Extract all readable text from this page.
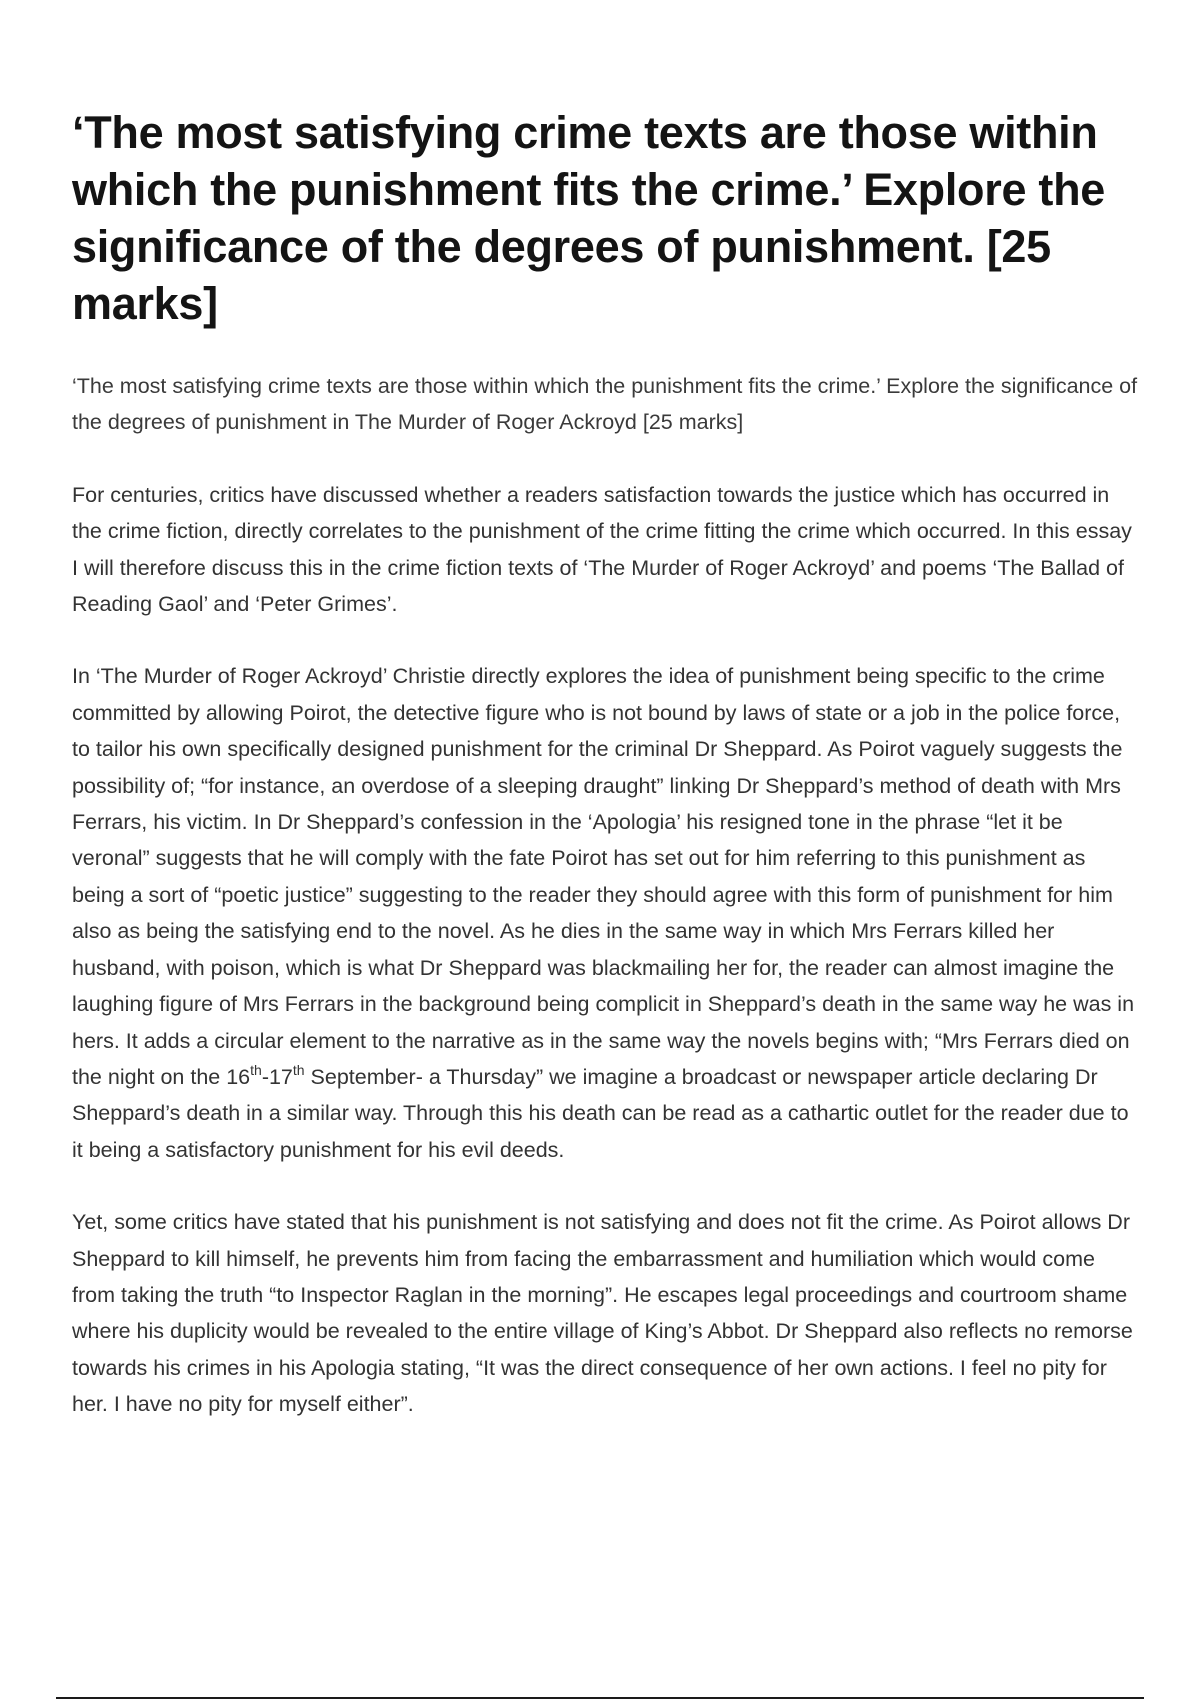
‘The most satisfying crime texts are those within which the punishment fits the crime.’ Explore the significance of the degrees of punishment. [25 marks]

‘The most satisfying crime texts are those within which the punishment fits the crime.’ Explore the significance of the degrees of punishment in The Murder of Roger Ackroyd [25 marks]

For centuries, critics have discussed whether a readers satisfaction towards the justice which has occurred in the crime fiction, directly correlates to the punishment of the crime fitting the crime which occurred. In this essay I will therefore discuss this in the crime fiction texts of ‘The Murder of Roger Ackroyd’ and poems ‘The Ballad of Reading Gaol’ and ‘Peter Grimes’.

In ‘The Murder of Roger Ackroyd’ Christie directly explores the idea of punishment being specific to the crime committed by allowing Poirot, the detective figure who is not bound by laws of state or a job in the police force, to tailor his own specifically designed punishment for the criminal Dr Sheppard. As Poirot vaguely suggests the possibility of; “for instance, an overdose of a sleeping draught” linking Dr Sheppard’s method of death with Mrs Ferrars, his victim. In Dr Sheppard’s confession in the ‘Apologia’ his resigned tone in the phrase “let it be veronal” suggests that he will comply with the fate Poirot has set out for him referring to this punishment as being a sort of “poetic justice” suggesting to the reader they should agree with this form of punishment for him also as being the satisfying end to the novel. As he dies in the same way in which Mrs Ferrars killed her husband, with poison, which is what Dr Sheppard was blackmailing her for, the reader can almost imagine the laughing figure of Mrs Ferrars in the background being complicit in Sheppard’s death in the same way he was in hers. It adds a circular element to the narrative as in the same way the novels begins with; “Mrs Ferrars died on the night on the 16th-17th September- a Thursday” we imagine a broadcast or newspaper article declaring Dr Sheppard’s death in a similar way. Through this his death can be read as a cathartic outlet for the reader due to it being a satisfactory punishment for his evil deeds.

Yet, some critics have stated that his punishment is not satisfying and does not fit the crime. As Poirot allows Dr Sheppard to kill himself, he prevents him from facing the embarrassment and humiliation which would come from taking the truth “to Inspector Raglan in the morning”. He escapes legal proceedings and courtroom shame where his duplicity would be revealed to the entire village of King’s Abbot. Dr Sheppard also reflects no remorse towards his crimes in his Apologia stating, “It was the direct consequence of her own actions. I feel no pity for her. I have no pity for myself either”.
